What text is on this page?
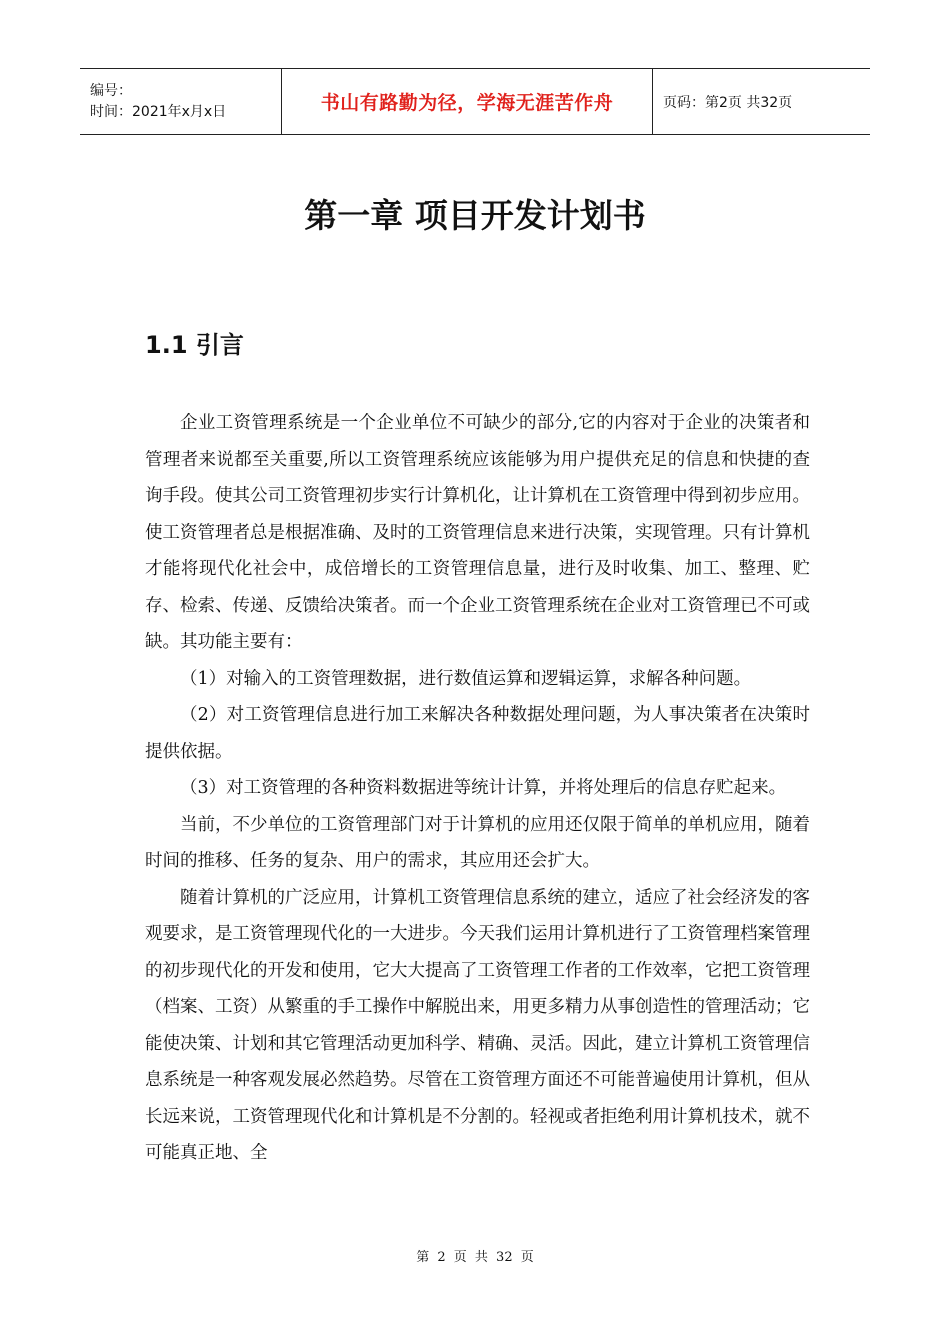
编号：
时间：2021年x月x日	书山有路勤为径，学海无涯苦作舟	页码：第2页 共32页
第一章 项目开发计划书
1.1 引言

企业工资管理系统是一个企业单位不可缺少的部分,它的内容对于企业的决策者和管理者来说都至关重要,所以工资管理系统应该能够为用户提供充足的信息和快捷的查询手段。使其公司工资管理初步实行计算机化，让计算机在工资管理中得到初步应用。使工资管理者总是根据准确、及时的工资管理信息来进行决策，实现管理。只有计算机才能将现代化社会中，成倍增长的工资管理信息量，进行及时收集、加工、整理、贮存、检索、传递、反馈给决策者。而一个企业工资管理系统在企业对工资管理已不可或缺。其功能主要有：

（1）对输入的工资管理数据，进行数值运算和逻辑运算，求解各种问题。

（2）对工资管理信息进行加工来解决各种数据处理问题，为人事决策者在决策时提供依据。

（3）对工资管理的各种资料数据进等统计计算，并将处理后的信息存贮起来。

当前，不少单位的工资管理部门对于计算机的应用还仅限于简单的单机应用，随着时间的推移、任务的复杂、用户的需求，其应用还会扩大。

随着计算机的广泛应用，计算机工资管理信息系统的建立，适应了社会经济发的客观要求，是工资管理现代化的一大进步。今天我们运用计算机进行了工资管理档案管理的初步现代化的开发和使用，它大大提高了工资管理工作者的工作效率，它把工资管理（档案、工资）从繁重的手工操作中解脱出来，用更多精力从事创造性的管理活动；它能使决策、计划和其它管理活动更加科学、精确、灵活。因此，建立计算机工资管理信息系统是一种客观发展必然趋势。尽管在工资管理方面还不可能普遍使用计算机，但从长远来说，工资管理现代化和计算机是不分割的。轻视或者拒绝利用计算机技术，就不可能真正地、全

第 2 页 共 32 页
